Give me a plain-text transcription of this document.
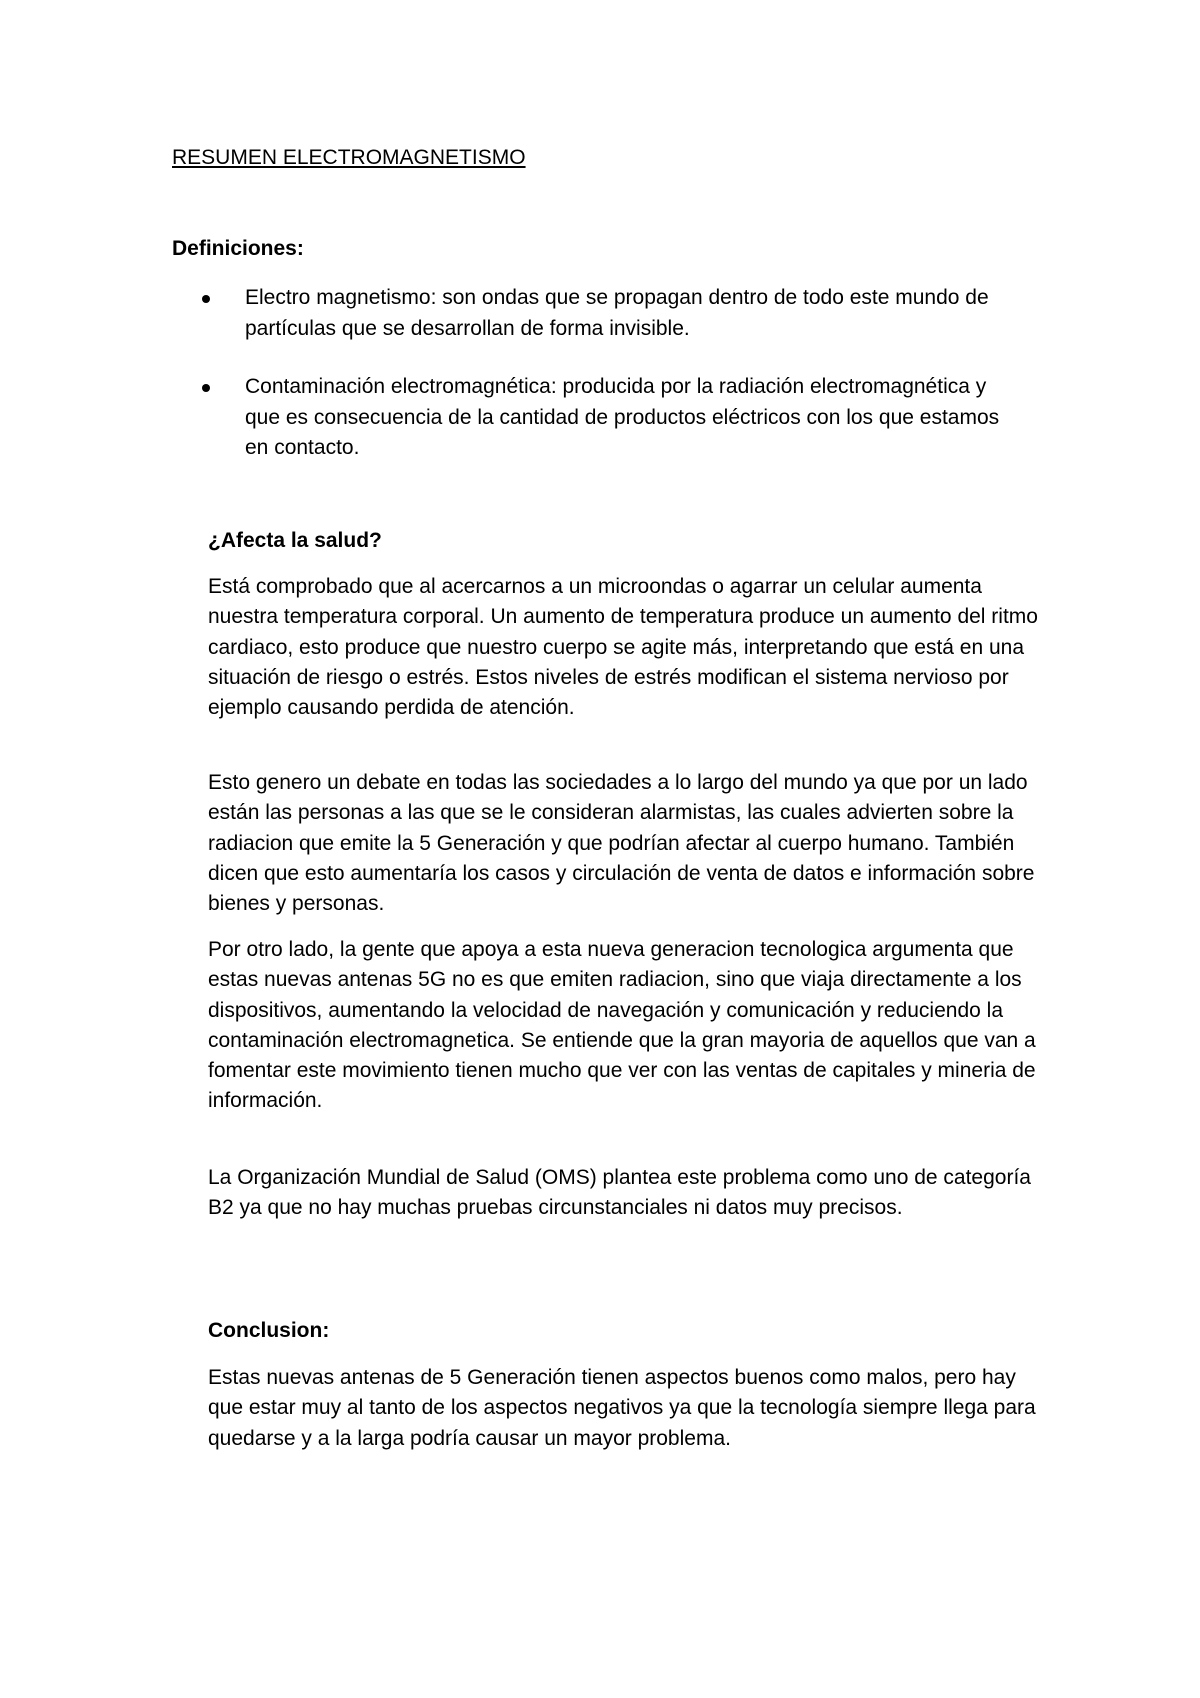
RESUMEN ELECTROMAGNETISMO
Definiciones:
Electro magnetismo: son ondas que se propagan dentro de todo este mundo de partículas que se desarrollan de forma invisible.
Contaminación electromagnética: producida por la radiación electromagnética y que es consecuencia de la cantidad de productos eléctricos con los que estamos en contacto.
¿Afecta la salud?

Está comprobado que al acercarnos a un microondas o agarrar un celular aumenta nuestra temperatura corporal. Un aumento de temperatura produce un aumento del ritmo cardiaco, esto produce que nuestro cuerpo se agite más, interpretando que está en una situación de riesgo o estrés. Estos niveles de estrés modifican el sistema nervioso por ejemplo causando perdida de atención.

Esto genero un debate en todas las sociedades a lo largo del mundo ya que por un lado están las personas a las que se le consideran alarmistas, las cuales advierten sobre la radiacion que emite la 5 Generación y que podrían afectar al cuerpo humano. También dicen que esto aumentaría los casos y circulación de venta de datos e información sobre bienes y personas.

Por otro lado, la gente que apoya a esta nueva generacion tecnologica argumenta que estas nuevas antenas 5G no es que emiten radiacion, sino que viaja directamente a los dispositivos, aumentando la velocidad de navegación y comunicación y reduciendo la contaminación electromagnetica. Se entiende que la gran mayoria de aquellos que van a fomentar este movimiento tienen mucho que ver con las ventas de capitales y mineria de información.

La Organización Mundial de Salud (OMS) plantea este problema como uno de categoría B2 ya que no hay muchas pruebas circunstanciales ni datos muy precisos.

Conclusion:

Estas nuevas antenas de 5 Generación tienen aspectos buenos como malos, pero hay que estar muy al tanto de los aspectos negativos ya que la tecnología siempre llega para quedarse y a la larga podría causar un mayor problema.
